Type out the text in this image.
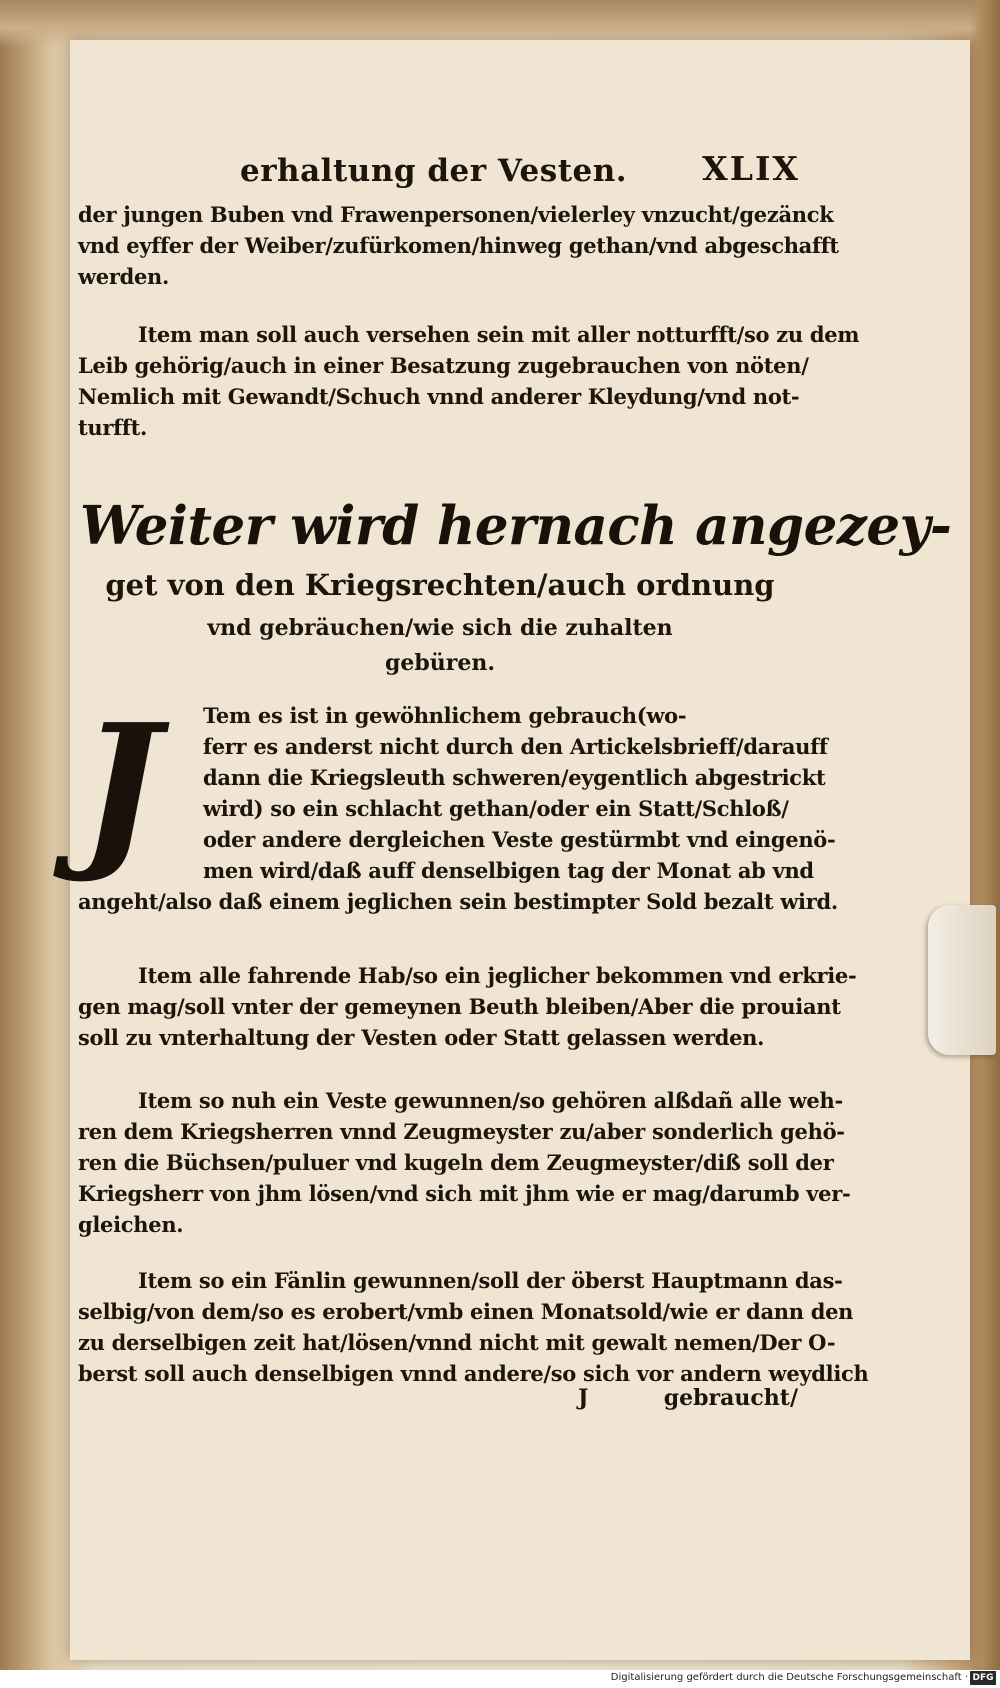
erhaltung der Vesten. XLIX
der jungen Buben vnd Frawenpersonen/vielerley vnzucht/gezänck
vnd eyffer der Weiber/zufürkomen/hinweg gethan/vnd abgeschafft
werden.
Item man soll auch versehen sein mit aller notturfft/so zu dem
Leib gehörig/auch in einer Besatzung zugebrauchen von nöten/
Nemlich mit Gewandt/Schuch vnnd anderer Kleydung/vnd not-
turfft.
Weiter wird hernach angezey-
get von den Kriegsrechten/auch ordnung
vnd gebräuchen/wie sich die zuhalten
gebüren.
J	Tem es ist in gewöhnlichem gebrauch(wo-
ferr es anderst nicht durch den Artickelsbrieff/darauff
dann die Kriegsleuth schweren/eygentlich abgestrickt
wird) so ein schlacht gethan/oder ein Statt/Schloß/
oder andere dergleichen Veste gestürmbt vnd eingenö-
men wird/daß auff denselbigen tag der Monat ab vnd
angeht/also daß einem jeglichen sein bestimpter Sold bezalt wird.
Item alle fahrende Hab/so ein jeglicher bekommen vnd erkrie-
gen mag/soll vnter der gemeynen Beuth bleiben/Aber die prouiant
soll zu vnterhaltung der Vesten oder Statt gelassen werden.
Item so nuh ein Veste gewunnen/so gehören alßdañ alle weh-
ren dem Kriegsherren vnnd Zeugmeyster zu/aber sonderlich gehö-
ren die Büchsen/puluer vnd kugeln dem Zeugmeyster/diß soll der
Kriegsherr von jhm lösen/vnd sich mit jhm wie er mag/darumb ver-
gleichen.
Item so ein Fänlin gewunnen/soll der öberst Hauptmann das-
selbig/von dem/so es erobert/vmb einen Monatsold/wie er dann den
zu derselbigen zeit hat/lösen/vnnd nicht mit gewalt nemen/Der O-
berst soll auch denselbigen vnnd andere/so sich vor andern weydlich
J	gebraucht/
Digitalisierung gefördert durch die Deutsche Forschungsgemeinschaft · DFG
